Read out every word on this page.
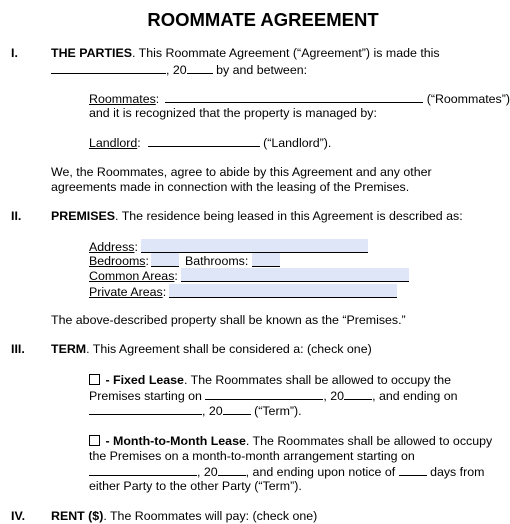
ROOMMATE AGREEMENT
I.	THE PARTIES. This Roommate Agreement (“Agreement”) is made this
, 20 by and between:
Roommates:	(“Roommates”)
and it is recognized that the property is managed by:
Landlord:	(“Landlord”).
We, the Roommates, agree to abide by this Agreement and any other
agreements made in connection with the leasing of the Premises.
II. PREMISES. The residence being leased in this Agreement is described as:
Address:
Bedrooms:	Bathrooms:
Common Areas:
Private Areas:
The above-described property shall be known as the “Premises.”
III. TERM. This Agreement shall be considered a: (check one)
- Fixed Lease. The Roommates shall be allowed to occupy the
Premises starting on	, 20 , and ending on
, 20 (“Term”).
- Month-to-Month Lease. The Roommates shall be allowed to occupy
the Premises on a month-to-month arrangement starting on
, 20 , and ending upon notice of  days from
either Party to the other Party (“Term”).
IV. RENT ($). The Roommates will pay: (check one)
